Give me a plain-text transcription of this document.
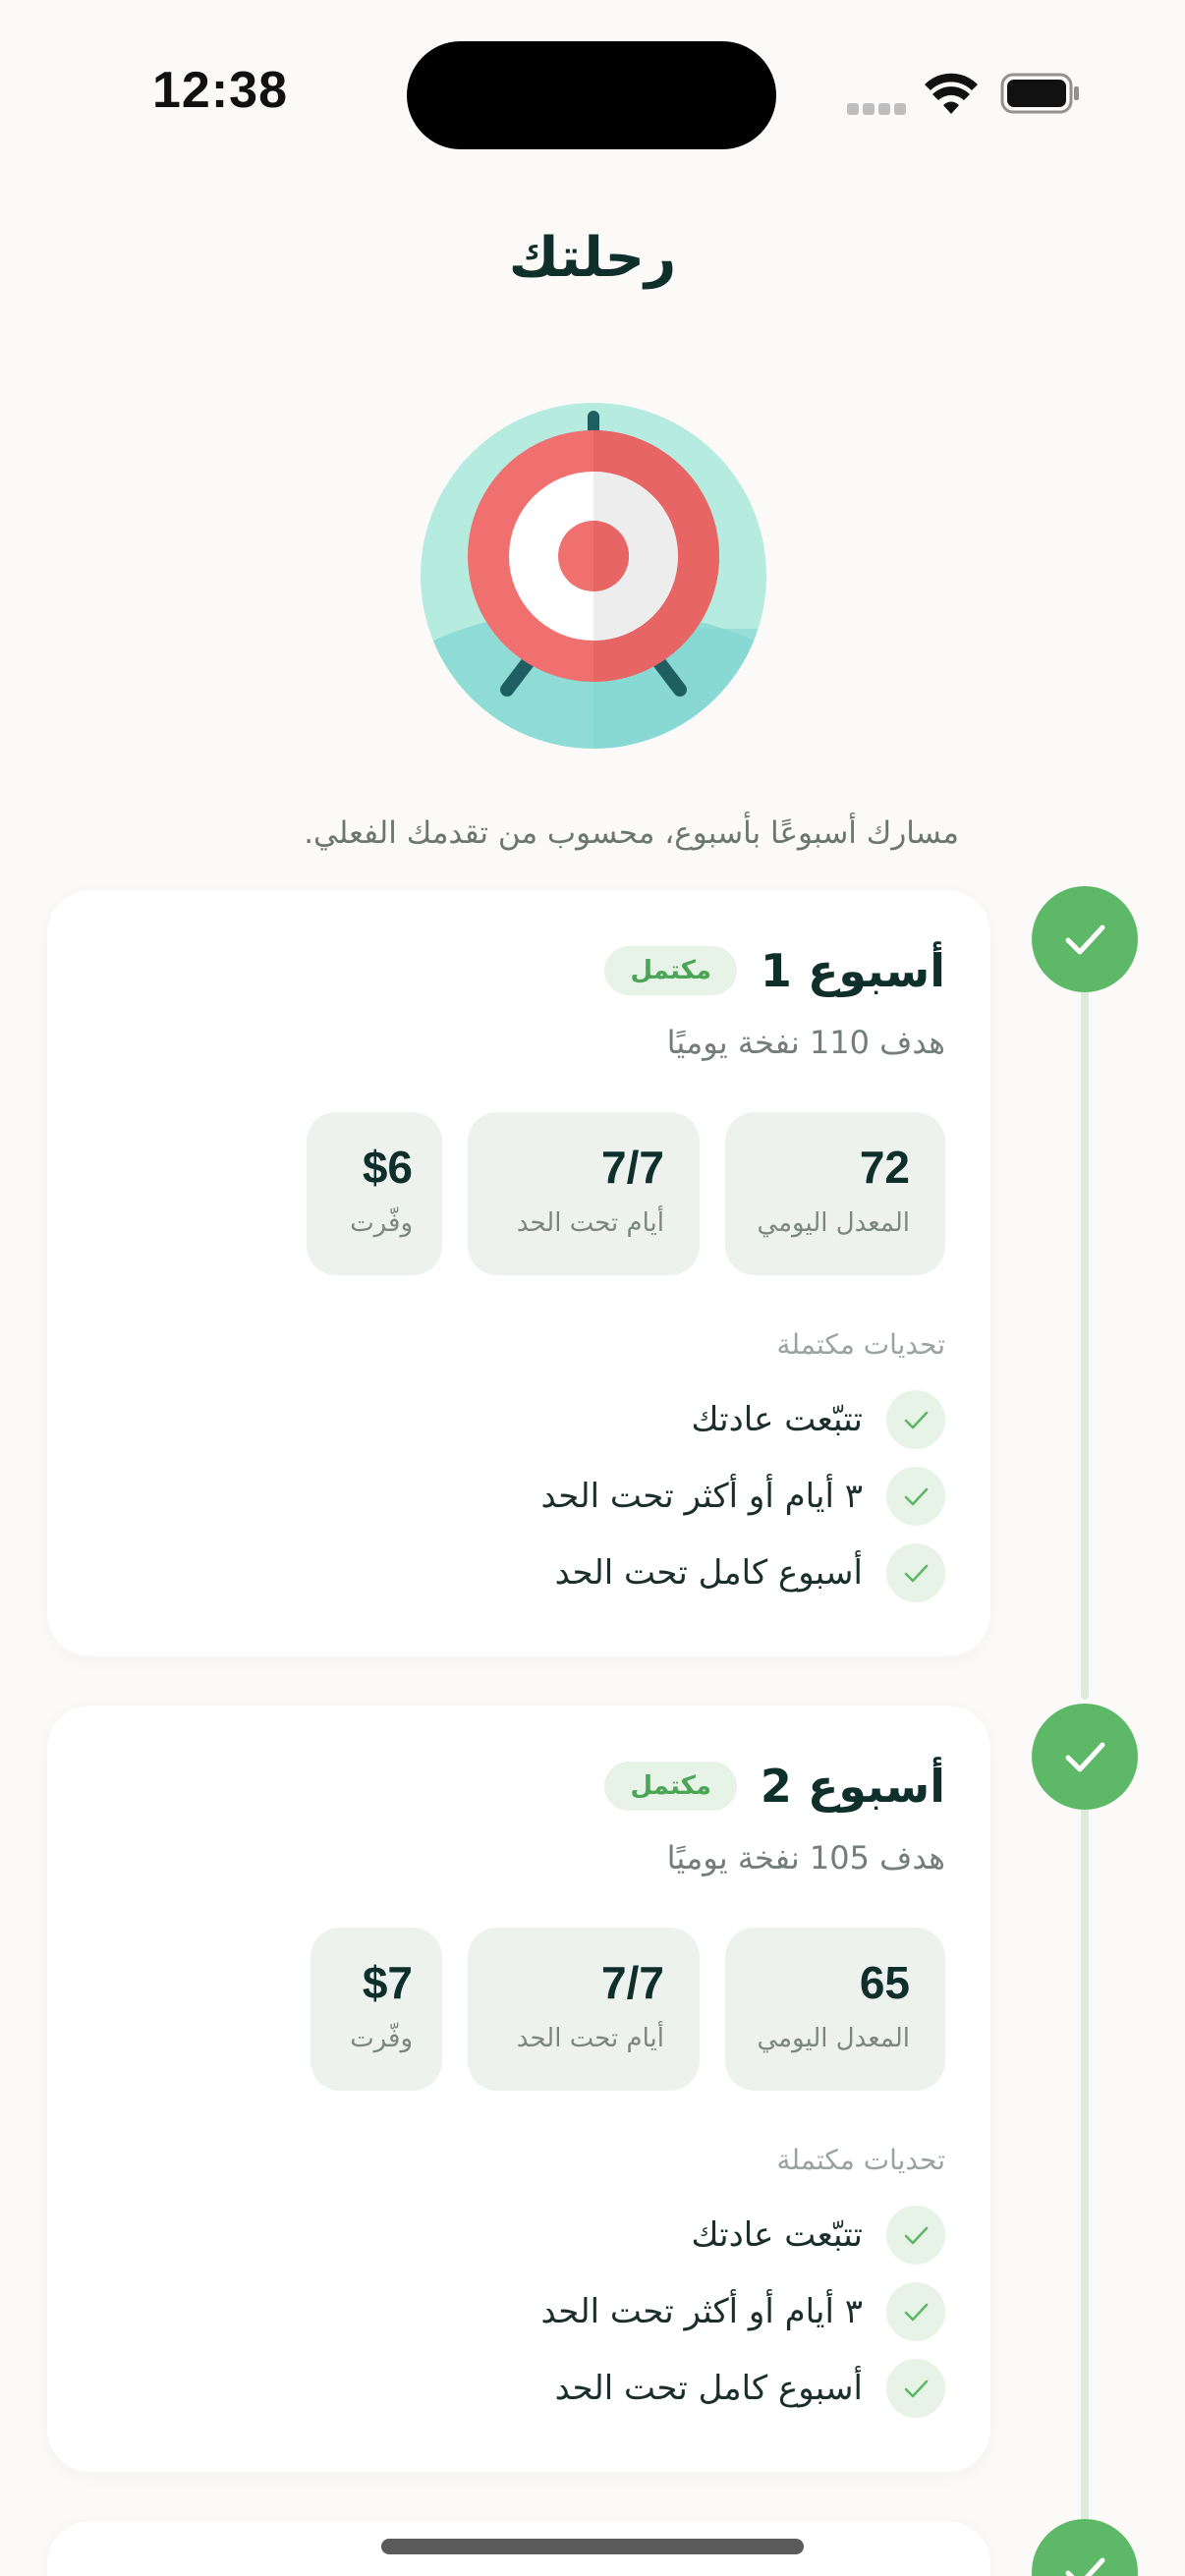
12:38
رحلتك
مسارك أسبوعًا بأسبوع، محسوب من تقدمك الفعلي.
أسبوع 1
مكتمل
هدف 110 نفخة يوميًا
72
المعدل اليومي
7/7
أيام تحت الحد
$6
وفّرت
تحديات مكتملة
تتبّعت عادتك
٣ أيام أو أكثر تحت الحد
أسبوع كامل تحت الحد
أسبوع 2
مكتمل
هدف 105 نفخة يوميًا
65
المعدل اليومي
7/7
أيام تحت الحد
$7
وفّرت
تحديات مكتملة
تتبّعت عادتك
٣ أيام أو أكثر تحت الحد
أسبوع كامل تحت الحد
